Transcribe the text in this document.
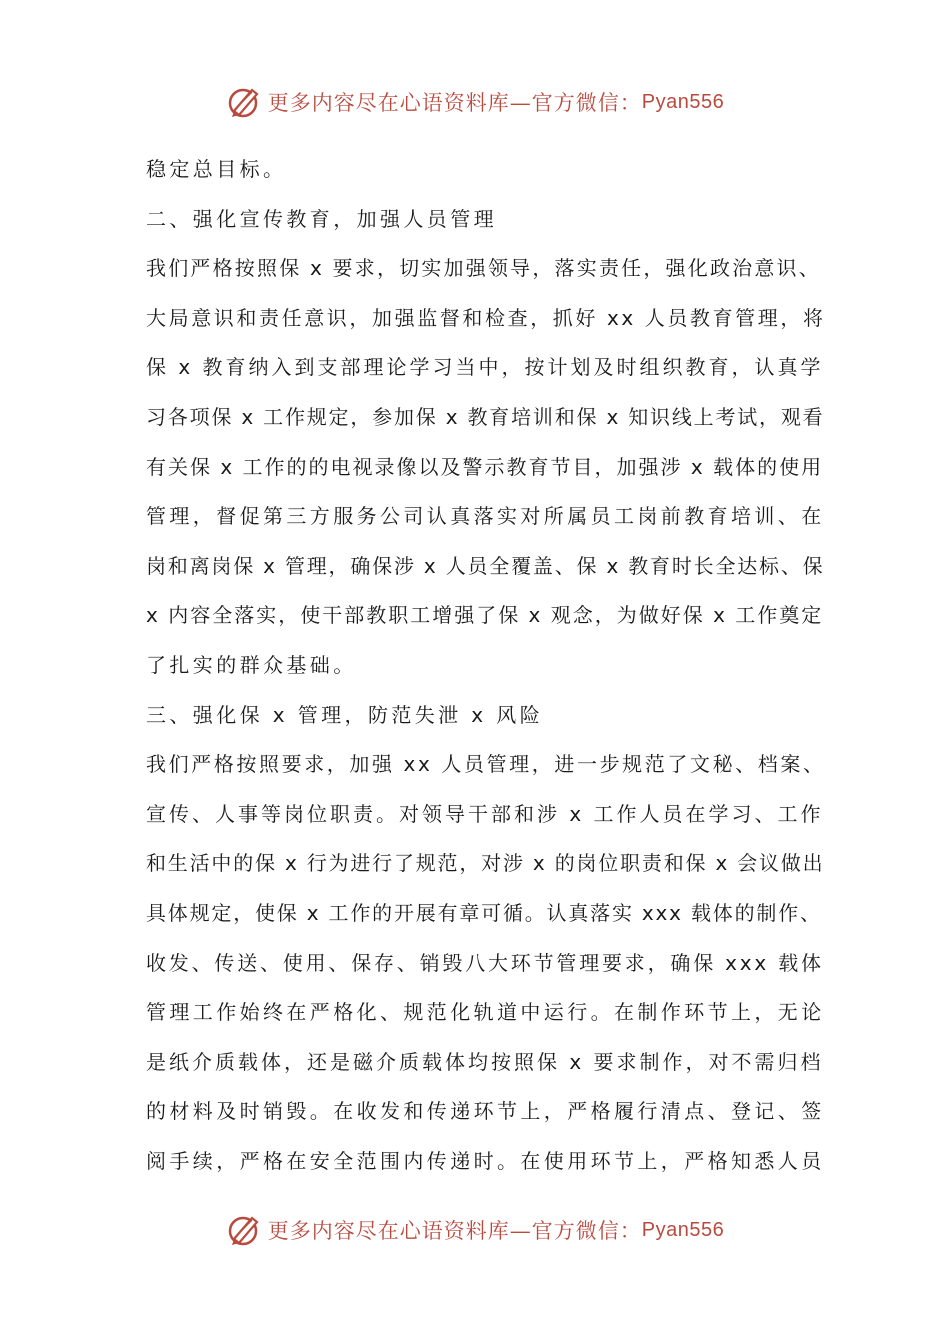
更多内容尽在心语资料库—官方微信： Pyan556
稳定总目标。
二、强化宣传教育，加强人员管理
我们严格按照保 x 要求，切实加强领导，落实责任，强化政治意识、
大局意识和责任意识，加强监督和检查，抓好 xx 人员教育管理，将
保 x 教育纳入到支部理论学习当中，按计划及时组织教育，认真学
习各项保 x 工作规定，参加保 x 教育培训和保 x 知识线上考试，观看
有关保 x 工作的的电视录像以及警示教育节目，加强涉 x 载体的使用
管理，督促第三方服务公司认真落实对所属员工岗前教育培训、在
岗和离岗保 x 管理，确保涉 x 人员全覆盖、保 x 教育时长全达标、保
x 内容全落实，使干部教职工增强了保 x 观念，为做好保 x 工作奠定
了扎实的群众基础。
三、强化保 x 管理，防范失泄 x 风险
我们严格按照要求，加强 xx 人员管理，进一步规范了文秘、档案、
宣传、人事等岗位职责。对领导干部和涉 x 工作人员在学习、工作
和生活中的保 x 行为进行了规范，对涉 x 的岗位职责和保 x 会议做出
具体规定，使保 x 工作的开展有章可循。认真落实 xxx 载体的制作、
收发、传送、使用、保存、销毁八大环节管理要求，确保 xxx 载体
管理工作始终在严格化、规范化轨道中运行。在制作环节上，无论
是纸介质载体，还是磁介质载体均按照保 x 要求制作，对不需归档
的材料及时销毁。在收发和传递环节上，严格履行清点、登记、签
阅手续，严格在安全范围内传递时。在使用环节上，严格知悉人员
更多内容尽在心语资料库—官方微信： Pyan556
